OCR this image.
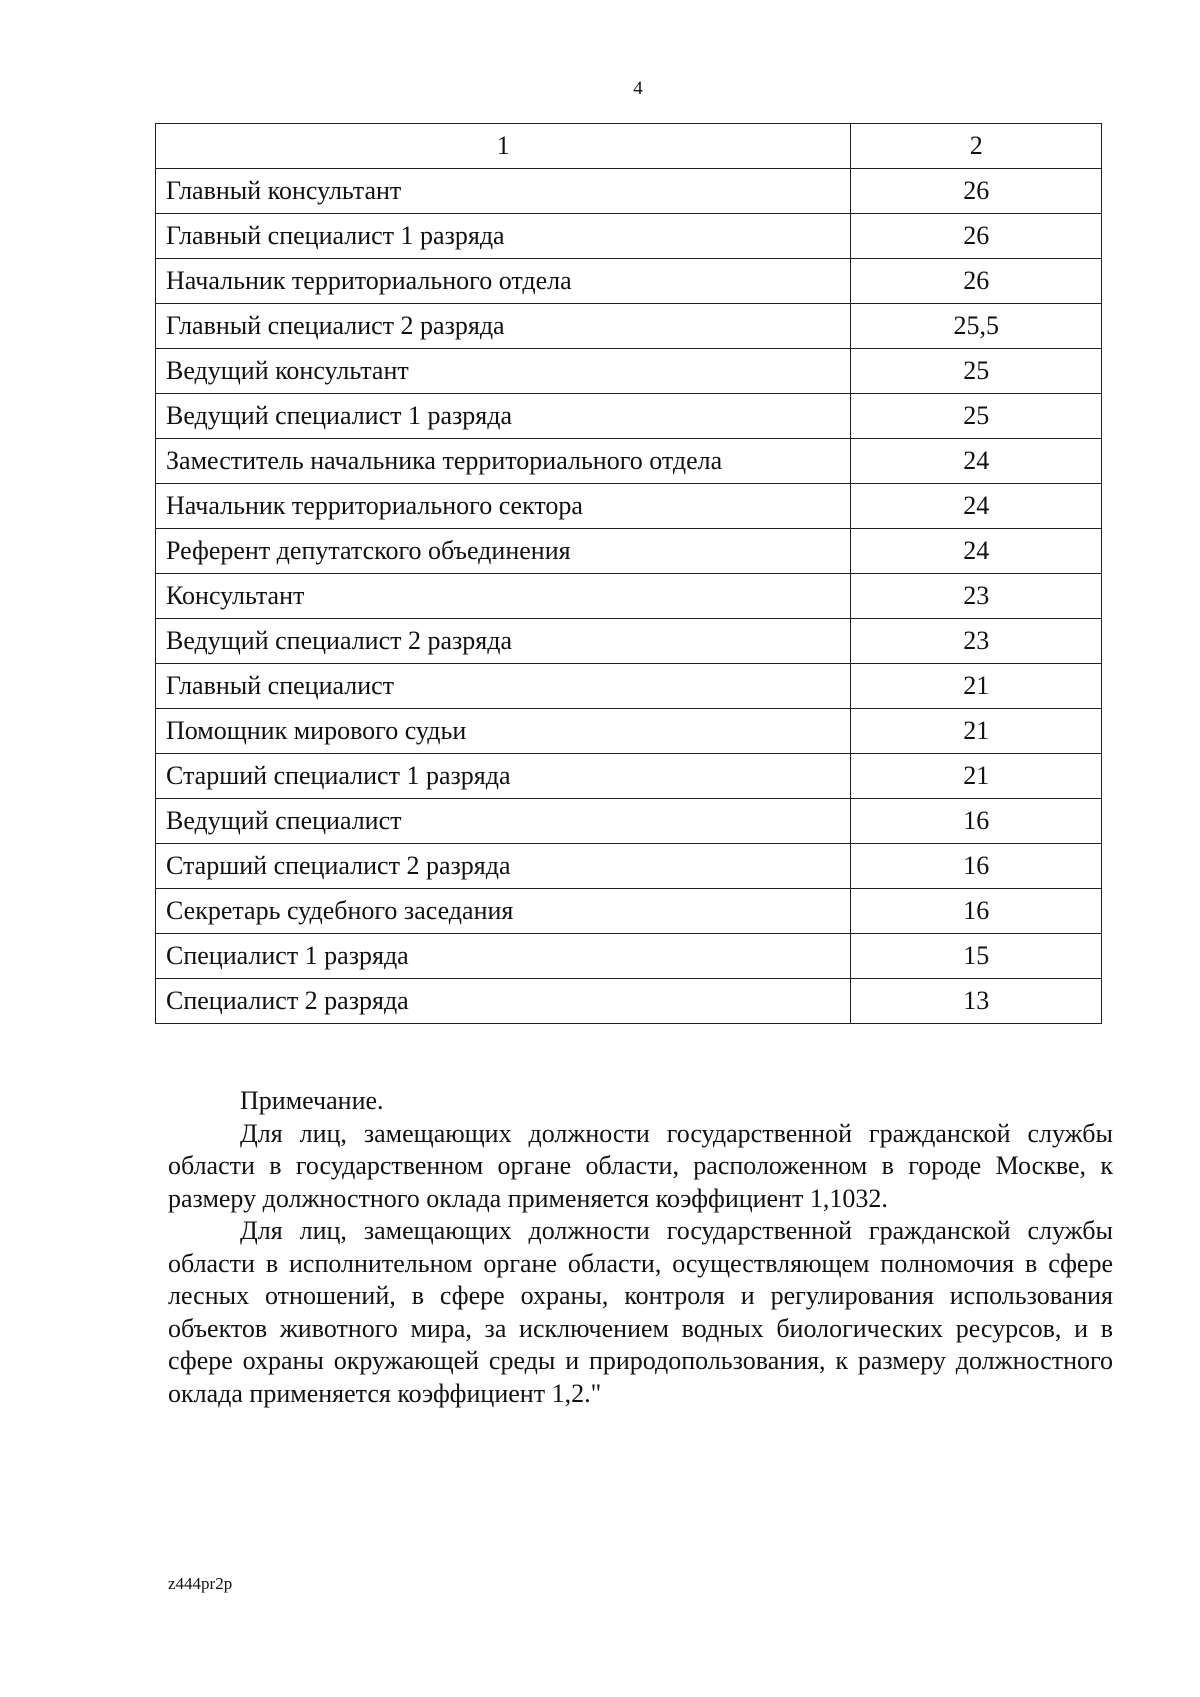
4
1	2
Главный консультант	26
Главный специалист 1 разряда	26
Начальник территориального отдела	26
Главный специалист 2 разряда	25,5
Ведущий консультант	25
Ведущий специалист 1 разряда	25
Заместитель начальника территориального отдела	24
Начальник территориального сектора	24
Референт депутатского объединения	24
Консультант	23
Ведущий специалист 2 разряда	23
Главный специалист	21
Помощник мирового судьи	21
Старший специалист 1 разряда	21
Ведущий специалист	16
Старший специалист 2 разряда	16
Секретарь судебного заседания	16
Специалист 1 разряда	15
Специалист 2 разряда	13

Примечание.

Для лиц, замещающих должности государственной гражданской службы области в государственном органе области, расположенном в городе Москве, к размеру должностного оклада применяется коэффициент 1,1032.

Для лиц, замещающих должности государственной гражданской службы области в исполнительном органе области, осуществляющем полномочия в сфере лесных отношений, в сфере охраны, контроля и регулирования использования объектов животного мира, за исключением водных биологических ресурсов, и в сфере охраны окружающей среды и природопользования, к размеру должностного оклада применяется коэффициент 1,2."

z444pr2p
